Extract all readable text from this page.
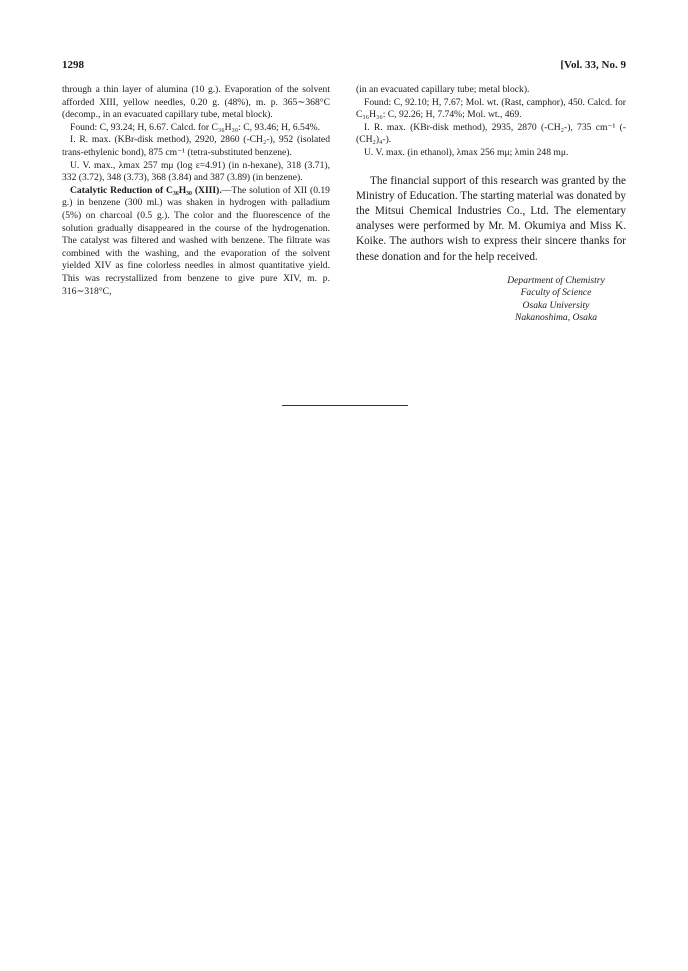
1298	[Vol. 33, No. 9

through a thin layer of alumina (10 g.). Evaporation of the solvent afforded XIII, yellow needles, 0.20 g. (48%), m. p. 365∼368°C (decomp., in an evacuated capillary tube, metal block).

Found: C, 93.24; H, 6.67. Calcd. for C₃₆H₃₀: C, 93.46; H, 6.54%.

I. R. max. (KBr-disk method), 2920, 2860 (-CH₂-), 952 (isolated trans-ethylenic bond), 875 cm⁻¹ (tetra-substituted benzene).

U. V. max., λmax 257 mμ (log ε=4.91) (in n-hexane), 318 (3.71), 332 (3.72), 348 (3.73), 368 (3.84) and 387 (3.89) (in benzene).

Catalytic Reduction of C₃₆H₃₀ (XIII).—The solution of XII (0.19 g.) in benzene (300 ml.) was shaken in hydrogen with palladium (5%) on charcoal (0.5 g.). The color and the fluorescence of the solution gradually disappeared in the course of the hydrogenation. The catalyst was filtered and washed with benzene. The filtrate was combined with the washing, and the evaporation of the solvent yielded XIV as fine colorless needles in almost quantitative yield. This was recrystallized from benzene to give pure XIV, m. p. 316∼318°C,

(in an evacuated capillary tube; metal block).

Found: C, 92.10; H, 7.67; Mol. wt. (Rast, camphor), 450. Calcd. for C₃₆H₃₆: C, 92.26; H, 7.74%; Mol. wt., 469.

I. R. max. (KBr-disk method), 2935, 2870 (-CH₂-), 735 cm⁻¹ (-(CH₂)₄-).

U. V. max. (in ethanol), λmax 256 mμ; λmin 248 mμ.

The financial support of this research was granted by the Ministry of Education. The starting material was donated by the Mitsui Chemical Industries Co., Ltd. The elementary analyses were performed by Mr. M. Okumiya and Miss K. Koike. The authors wish to express their sincere thanks for these donation and for the help received.

Department of Chemistry
Faculty of Science
Osaka University
Nakanoshima, Osaka
